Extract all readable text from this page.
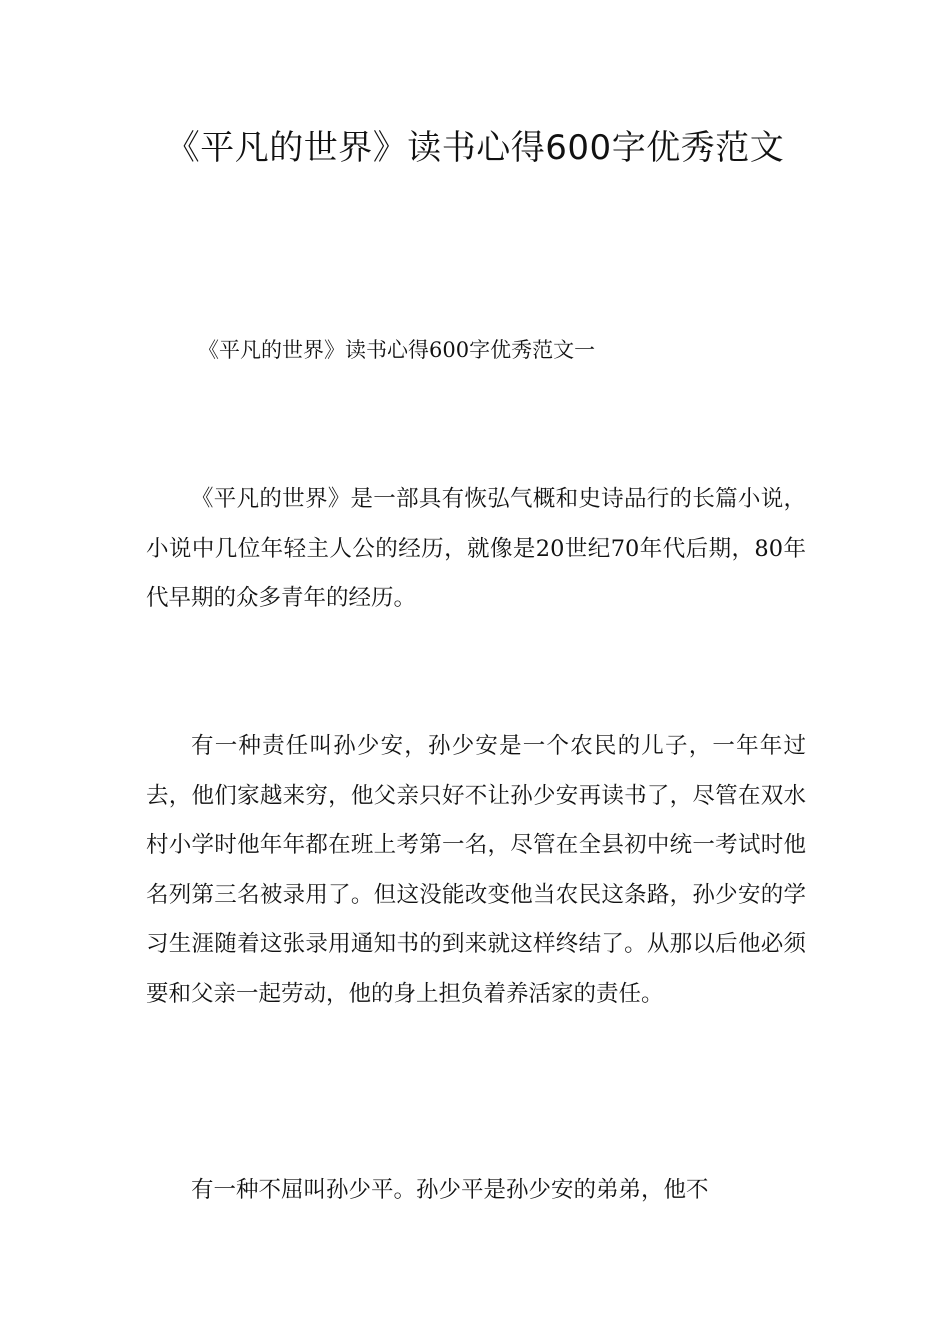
《平凡的世界》读书心得600字优秀范文

《平凡的世界》读书心得600字优秀范文一

《平凡的世界》是一部具有恢弘气概和史诗品行的长篇小说，小说中几位年轻主人公的经历，就像是20世纪70年代后期，80年代早期的众多青年的经历。

有一种责任叫孙少安，孙少安是一个农民的儿子，一年年过去，他们家越来穷，他父亲只好不让孙少安再读书了，尽管在双水村小学时他年年都在班上考第一名，尽管在全县初中统一考试时他名列第三名被录用了。但这没能改变他当农民这条路，孙少安的学习生涯随着这张录用通知书的到来就这样终结了。从那以后他必须要和父亲一起劳动，他的身上担负着养活家的责任。

有一种不屈叫孙少平。孙少平是孙少安的弟弟，他不
